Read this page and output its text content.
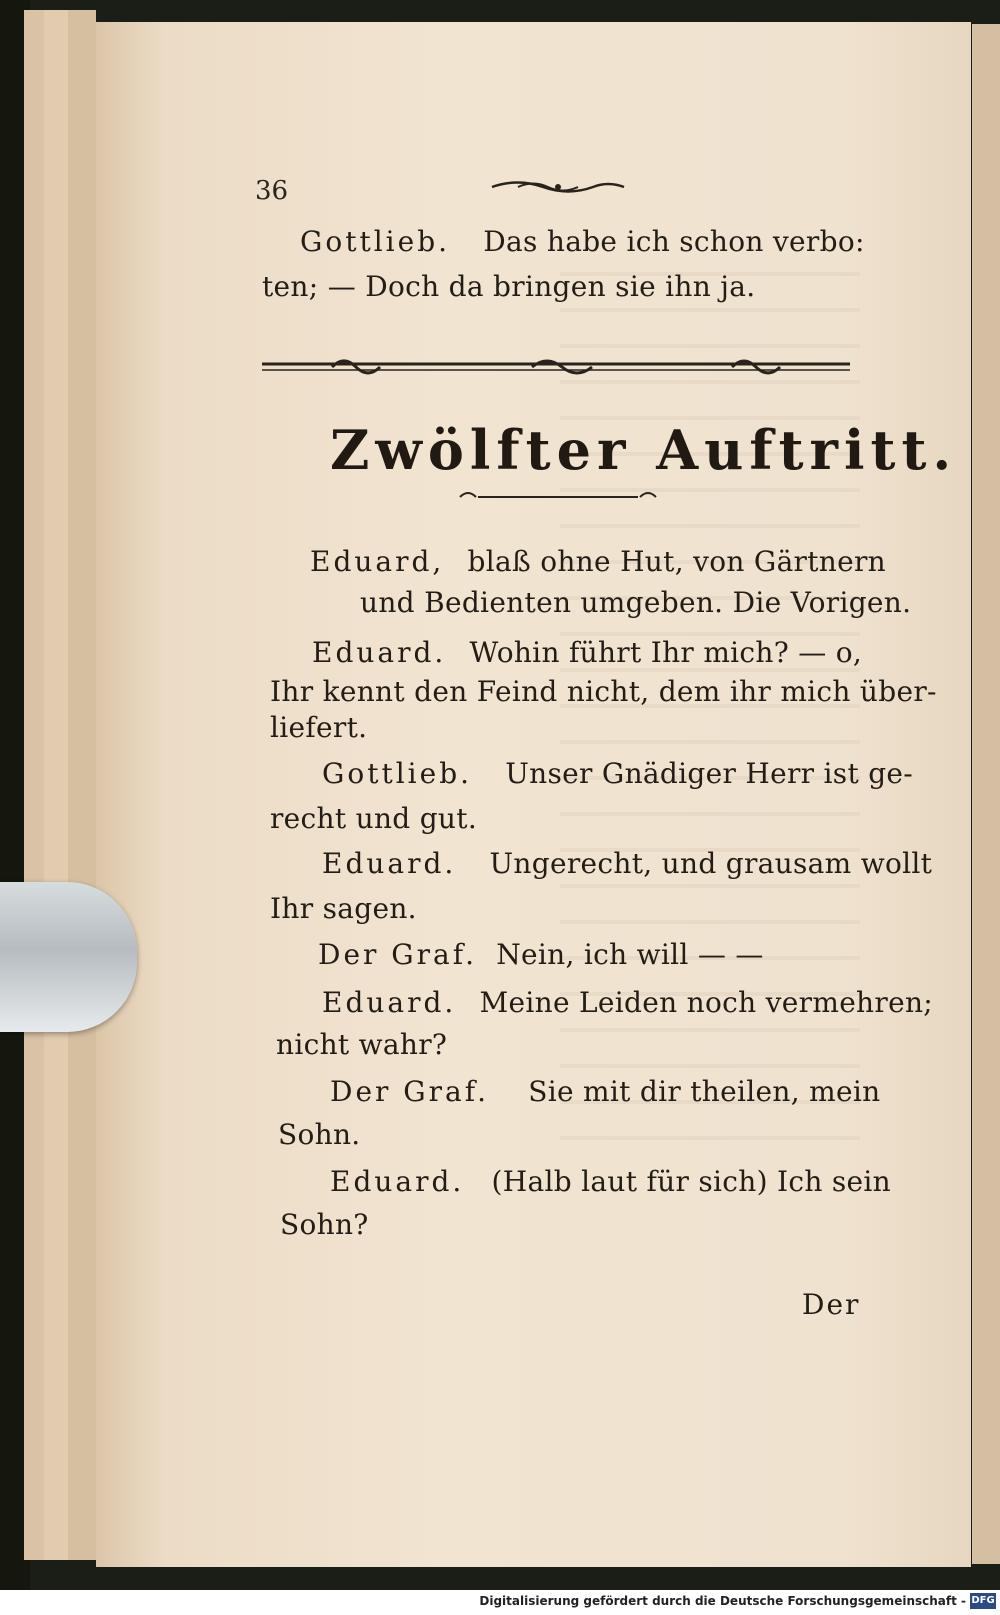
36
Gottlieb. Das habe ich schon verbo:
ten; — Doch da bringen sie ihn ja.
Zwölfter Auftritt.
Eduard, blaß ohne Hut, von Gärtnern
und Bedienten umgeben. Die Vorigen.
Eduard. Wohin führt Ihr mich? — o,
Ihr kennt den Feind nicht, dem ihr mich über-
liefert.
Gottlieb. Unser Gnädiger Herr ist ge-
recht und gut.
Eduard. Ungerecht, und grausam wollt
Ihr sagen.
Der Graf. Nein, ich will — —
Eduard. Meine Leiden noch vermehren;
nicht wahr?
Der Graf. Sie mit dir theilen, mein
Sohn.
Eduard. (Halb laut für sich) Ich sein
Sohn?
Der
Digitalisierung gefördert durch die Deutsche Forschungsgemeinschaft - DFG
